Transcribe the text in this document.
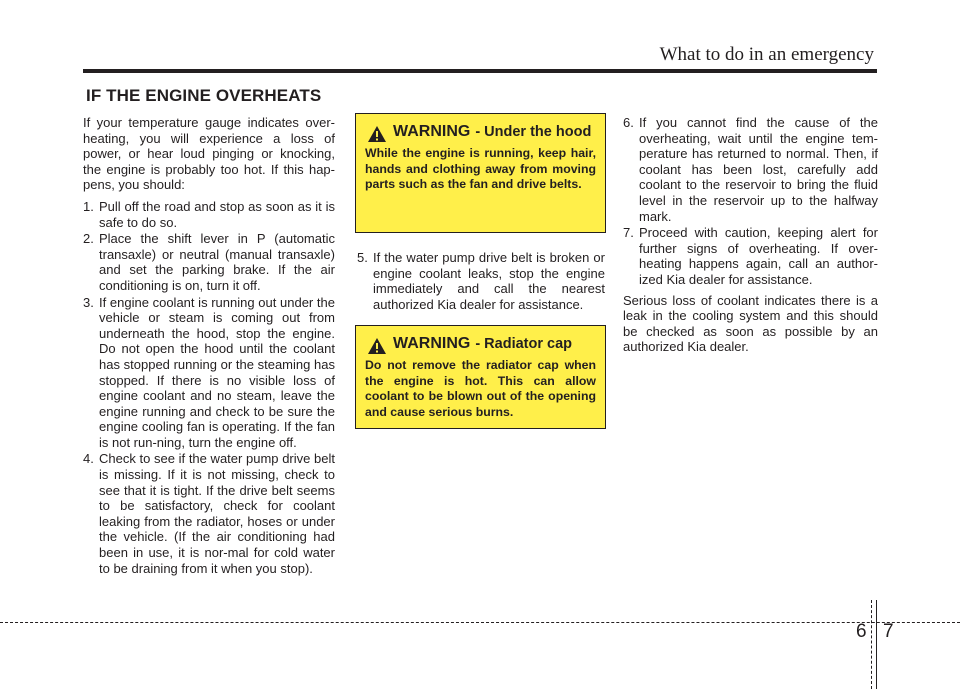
What to do in an emergency
IF THE ENGINE OVERHEATS

If your temperature gauge indicates over-heating, you will experience a loss of power, or hear loud pinging or knocking, the engine is probably too hot. If this hap-pens, you should:

1. Pull off the road and stop as soon as it is safe to do so.
2. Place the shift lever in P (automatic transaxle) or neutral (manual transaxle) and set the parking brake. If the air conditioning is on, turn it off.
3. If engine coolant is running out under the vehicle or steam is coming out from underneath the hood, stop the engine. Do not open the hood until the coolant has stopped running or the steaming has stopped. If there is no visible loss of engine coolant and no steam, leave the engine running and check to be sure the engine cooling fan is operating. If the fan is not run-ning, turn the engine off.
4. Check to see if the water pump drive belt is missing. If it is not missing, check to see that it is tight. If the drive belt seems to be satisfactory, check for coolant leaking from the radiator, hoses or under the vehicle. (If the air conditioning had been in use, it is nor-mal for cold water to be draining from it when you stop).
WARNING - Under the hood
While the engine is running, keep hair, hands and clothing away from moving parts such as the fan and drive belts.
5. If the water pump drive belt is broken or engine coolant leaks, stop the engine immediately and call the nearest authorized Kia dealer for assistance.
WARNING - Radiator cap
Do not remove the radiator cap when the engine is hot. This can allow coolant to be blown out of the opening and cause serious burns.
6. If you cannot find the cause of the overheating, wait until the engine tem-perature has returned to normal. Then, if coolant has been lost, carefully add coolant to the reservoir to bring the fluid level in the reservoir up to the halfway mark.
7. Proceed with caution, keeping alert for further signs of overheating. If over-heating happens again, call an author-ized Kia dealer for assistance.

Serious loss of coolant indicates there is a leak in the cooling system and this should be checked as soon as possible by an authorized Kia dealer.

6 7
